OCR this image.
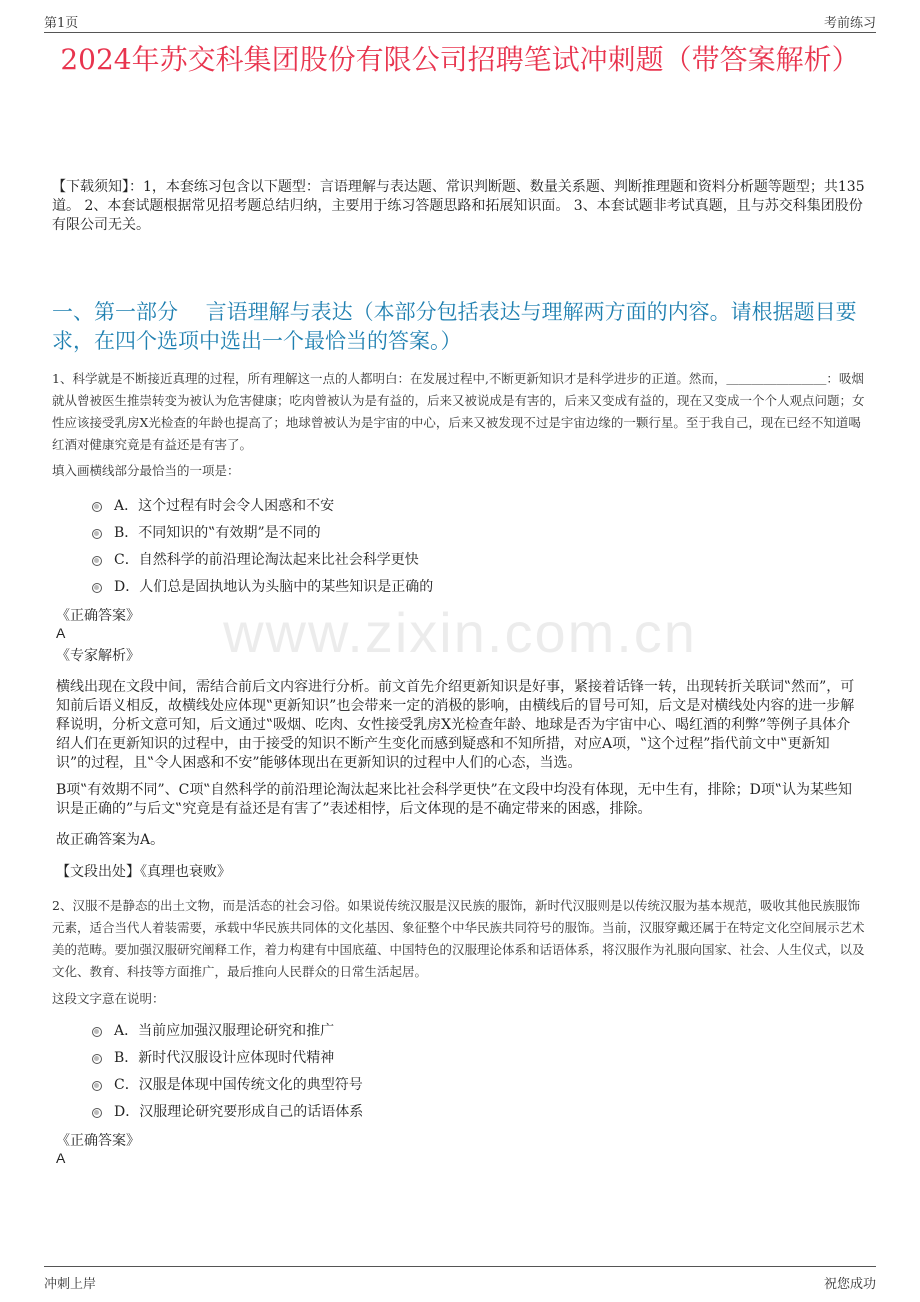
第1页	考前练习
2024年苏交科集团股份有限公司招聘笔试冲刺题（带答案解析）
【下载须知】：1，本套练习包含以下题型：言语理解与表达题、常识判断题、数量关系题、判断推理题和资料分析题等题型；共135道。 2、本套试题根据常见招考题总结归纳，主要用于练习答题思路和拓展知识面。 3、本套试题非考试真题，且与苏交科集团股份有限公司无关。
一、第一部分　 言语理解与表达（本部分包括表达与理解两方面的内容。请根据题目要求，在四个选项中选出一个最恰当的答案。）
www.zixin.com.cn
1、科学就是不断接近真理的过程，所有理解这一点的人都明白：在发展过程中,不断更新知识才是科学进步的正道。然而，＿＿＿＿＿＿＿＿：吸烟就从曾被医生推崇转变为被认为危害健康；吃肉曾被认为是有益的，后来又被说成是有害的，后来又变成有益的，现在又变成一个个人观点问题；女性应该接受乳房X光检查的年龄也提高了；地球曾被认为是宇宙的中心，后来又被发现不过是宇宙边缘的一颗行星。至于我自己，现在已经不知道喝红酒对健康究竟是有益还是有害了。
填入画横线部分最恰当的一项是：
A．这个过程有时会令人困惑和不安
B．不同知识的‟有效期”是不同的
C．自然科学的前沿理论淘汰起来比社会科学更快
D．人们总是固执地认为头脑中的某些知识是正确的
《正确答案》
A
《专家解析》
横线出现在文段中间，需结合前后文内容进行分析。前文首先介绍更新知识是好事，紧接着话锋一转，出现转折关联词‟然而”，可知前后语义相反，故横线处应体现‟更新知识”也会带来一定的消极的影响，由横线后的冒号可知，后文是对横线处内容的进一步解释说明，分析文意可知，后文通过‟吸烟、吃肉、女性接受乳房X光检查年龄、地球是否为宇宙中心、喝红酒的利弊”等例子具体介绍人们在更新知识的过程中，由于接受的知识不断产生变化而感到疑惑和不知所措，对应A项，‟这个过程”指代前文中‟更新知识”的过程，且‟令人困惑和不安”能够体现出在更新知识的过程中人们的心态，当选。
B项‟有效期不同”、C项‟自然科学的前沿理论淘汰起来比社会科学更快”在文段中均没有体现，无中生有，排除；D项‟认为某些知识是正确的”与后文‟究竟是有益还是有害了”表述相悖，后文体现的是不确定带来的困惑，排除。
故正确答案为A。
【文段出处】《真理也衰败》
2、汉服不是静态的出土文物，而是活态的社会习俗。如果说传统汉服是汉民族的服饰，新时代汉服则是以传统汉服为基本规范，吸收其他民族服饰元素，适合当代人着装需要，承载中华民族共同体的文化基因、象征整个中华民族共同符号的服饰。当前，汉服穿戴还属于在特定文化空间展示艺术美的范畴。要加强汉服研究阐释工作，着力构建有中国底蕴、中国特色的汉服理论体系和话语体系，将汉服作为礼服向国家、社会、人生仪式，以及文化、教育、科技等方面推广，最后推向人民群众的日常生活起居。
这段文字意在说明：
A．当前应加强汉服理论研究和推广
B．新时代汉服设计应体现时代精神
C．汉服是体现中国传统文化的典型符号
D．汉服理论研究要形成自己的话语体系
《正确答案》
A
冲刺上岸	祝您成功
